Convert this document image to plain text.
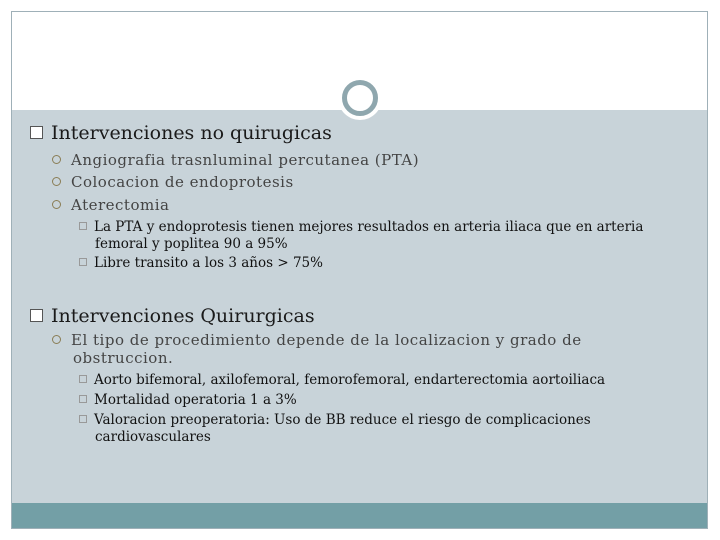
Intervenciones no quirugicas
Angiografia trasnluminal percutanea (PTA)
Colocacion de endoprotesis
Aterectomia
La PTA y endoprotesis tienen mejores resultados en arteria iliaca que en arteria femoral y poplitea 90 a 95%
Libre transito a los 3 años > 75%
Intervenciones Quirurgicas
El tipo de procedimiento depende de la localizacion y grado de obstruccion.
Aorto bifemoral, axilofemoral, femorofemoral, endarterectomia aortoiliaca
Mortalidad operatoria 1 a 3%
Valoracion preoperatoria: Uso de BB reduce el riesgo de complicaciones cardiovasculares
